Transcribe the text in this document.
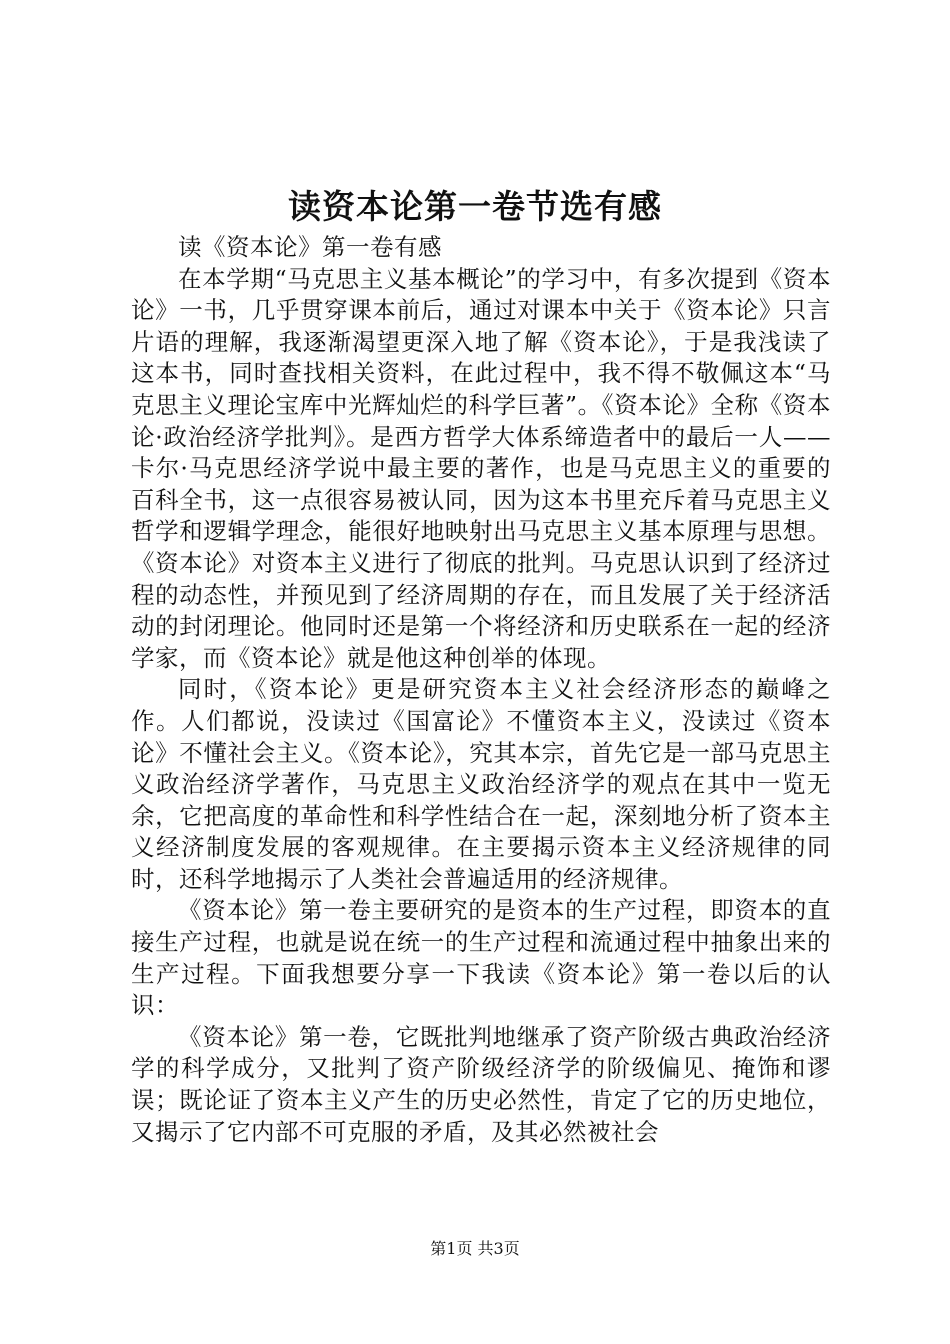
读资本论第一卷节选有感

读《资本论》第一卷有感

在本学期“马克思主义基本概论”的学习中，有多次提到《资本论》一书，几乎贯穿课本前后，通过对课本中关于《资本论》只言片语的理解，我逐渐渴望更深入地了解《资本论》，于是我浅读了这本书，同时查找相关资料，在此过程中，我不得不敬佩这本“马克思主义理论宝库中光辉灿烂的科学巨著”。《资本论》全称《资本论·政治经济学批判》。是西方哲学大体系缔造者中的最后一人——卡尔·马克思经济学说中最主要的著作，也是马克思主义的重要的百科全书，这一点很容易被认同，因为这本书里充斥着马克思主义哲学和逻辑学理念，能很好地映射出马克思主义基本原理与思想。《资本论》对资本主义进行了彻底的批判。马克思认识到了经济过程的动态性，并预见到了经济周期的存在，而且发展了关于经济活动的封闭理论。他同时还是第一个将经济和历史联系在一起的经济学家，而《资本论》就是他这种创举的体现。

同时，《资本论》更是研究资本主义社会经济形态的巅峰之作。人们都说，没读过《国富论》不懂资本主义，没读过《资本论》不懂社会主义。《资本论》，究其本宗，首先它是一部马克思主义政治经济学著作，马克思主义政治经济学的观点在其中一览无余，它把高度的革命性和科学性结合在一起，深刻地分析了资本主义经济制度发展的客观规律。在主要揭示资本主义经济规律的同时，还科学地揭示了人类社会普遍适用的经济规律。

《资本论》第一卷主要研究的是资本的生产过程，即资本的直接生产过程，也就是说在统一的生产过程和流通过程中抽象出来的生产过程。下面我想要分享一下我读《资本论》第一卷以后的认识：

《资本论》第一卷，它既批判地继承了资产阶级古典政治经济学的科学成分，又批判了资产阶级经济学的阶级偏见、掩饰和谬误；既论证了资本主义产生的历史必然性，肯定了它的历史地位，又揭示了它内部不可克服的矛盾，及其必然被社会

第1页 共3页
